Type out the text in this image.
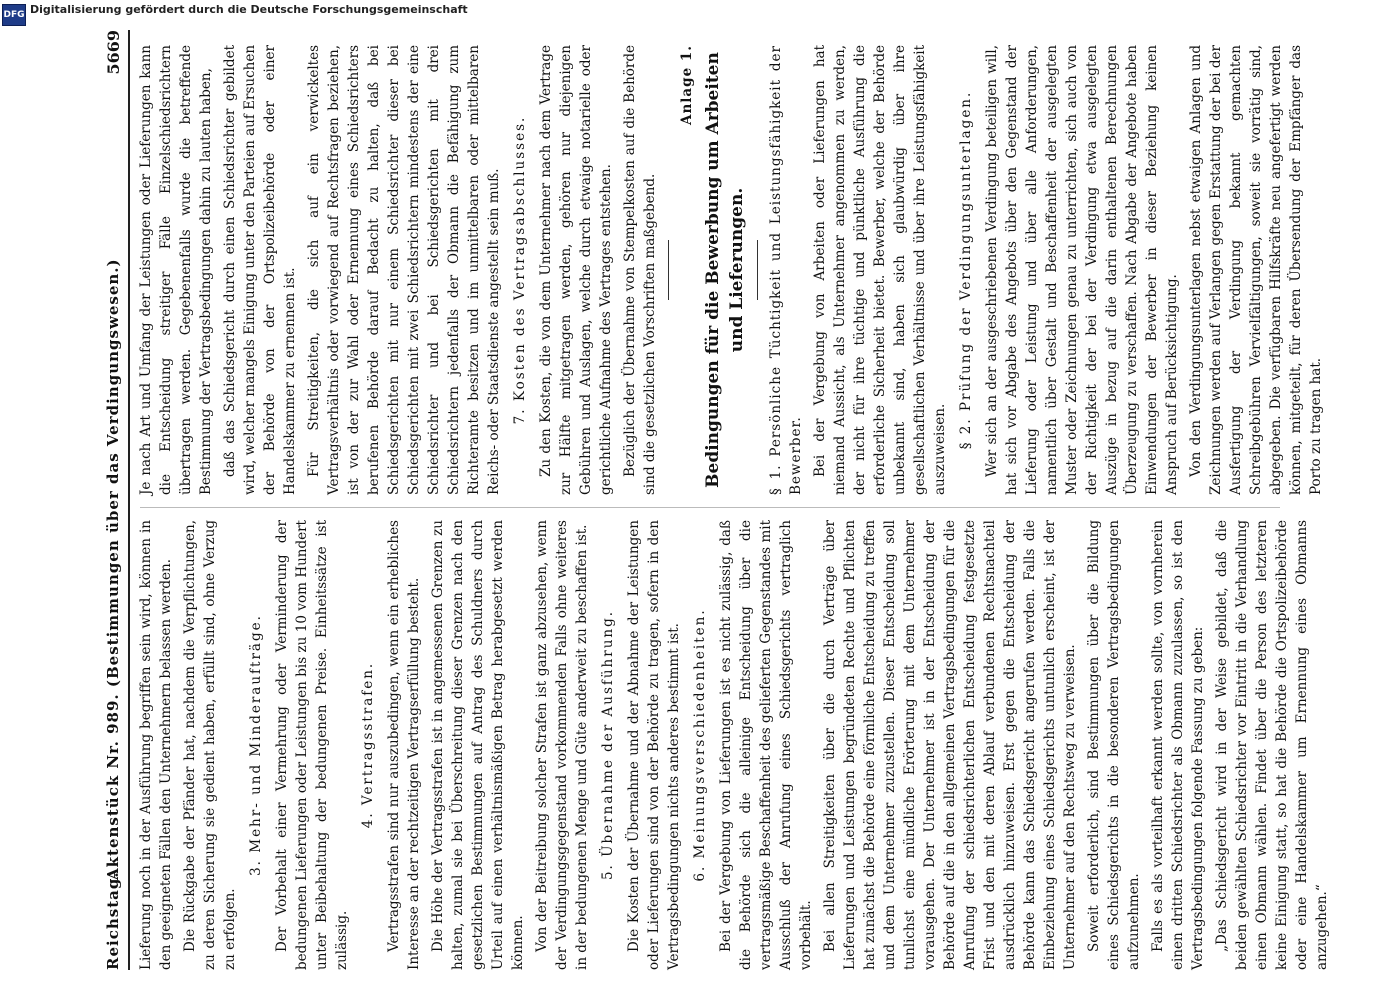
DFG Digitalisierung gefördert durch die Deutsche Forschungsgemeinschaft
Reichstag.
Aktenstück Nr. 989. (Bestimmungen über das Verdingungswesen.)
5669

Lieferung noch in der Ausführung begriffen sein wird, können in den geeigneten Fällen den Unternehmern belassen werden. Die Rückgabe der Pfänder hat, nachdem die Verpflichtungen, zu deren Sicherung sie gedient haben, erfüllt sind, ohne Verzug zu erfolgen.

3. Mehr- und Minderaufträge. Der Vorbehalt einer Vermehrung oder Verminderung der bedungenen Lieferungen oder Leistungen bis zu 10 vom Hundert unter Beibehaltung der bedungenen Preise. Einheitssätze ist zulässig.

4. Vertragsstrafen. Vertragsstrafen sind nur auszubedingen, wenn ein erhebliches Interesse an der rechtzeitigen Vertragserfüllung besteht. Die Höhe der Vertragsstrafen ist in angemessenen Grenzen zu halten, zumal sie bei Überschreitung dieser Grenzen nach den gesetzlichen Bestimmungen auf Antrag des Schuldners durch Urteil auf einen verhältnismäßigen Betrag herabgesetzt werden können. Von der Beitreibung solcher Strafen ist ganz abzusehen, wenn der Verdingungsgegenstand vorkommenden Falls ohne weiteres in der bedungenen Menge und Güte anderweit zu beschaffen ist. 5. Übernahme der Ausführung. Die Kosten der Übernahme und der Abnahme der Leistungen oder Lieferungen sind von der Behörde zu tragen, sofern in den Vertragsbedingungen nichts anderes bestimmt ist. 6. Meinungsverschiedenheiten. Bei der Vergebung von Lieferungen ist es nicht zulässig, daß die Behörde sich die alleinige Entscheidung über die vertragsmäßige Beschaffenheit des gelieferten Gegenstandes mit Ausschluß der Anrufung eines Schiedsgerichts vertraglich vorbehält. Bei allen Streitigkeiten über die durch Verträge über Lieferungen und Leistungen begründeten Rechte und Pflichten hat zunächst die Behörde eine förmliche Entscheidung zu treffen und dem Unternehmer zuzustellen. Dieser Entscheidung soll tunlichst eine mündliche Erörterung mit dem Unternehmer vorausgehen. Der Unternehmer ist in der Entscheidung der Behörde auf die in den allgemeinen Vertragsbedingungen für die Anrufung der schiedsrichterlichen Entscheidung festgesetzte Frist und den mit deren Ablauf verbundenen Rechtsnachteil ausdrücklich hinzuweisen. Erst gegen die Entscheidung der Behörde kann das Schiedsgericht angerufen werden. Falls die Einbeziehung eines Schiedsgerichts untunlich erscheint, ist der Unternehmer auf den Rechtsweg zu verweisen. Soweit erforderlich, sind Bestimmungen über die Bildung eines Schiedsgerichts in die besonderen Vertragsbedingungen aufzunehmen. Falls es als vorteilhaft erkannt werden sollte, von vornherein einen dritten Schiedsrichter als Obmann zuzulassen, so ist den Vertragsbedingungen folgende Fassung zu geben: „Das Schiedsgericht wird in der Weise gebildet, daß die beiden gewählten Schiedsrichter vor Eintritt in die Verhandlung einen Obmann wählen. Findet über die Person des letzteren keine Einigung statt, so hat die Behörde die Ortspolizeibehörde oder eine Handelskammer um Ernennung eines Obmanns anzugehen.“

Je nach Art und Umfang der Leistungen oder Lieferungen kann die Entscheidung streitiger Fälle Einzelschiedsrichtern übertragen werden. Gegebenenfalls wurde die betreffende Bestimmung der Vertragsbedingungen dahin zu lauten haben, daß das Schiedsgericht durch einen Schiedsrichter gebildet wird, welcher mangels Einigung unter den Parteien auf Ersuchen der Behörde von der Ortspolizeibehörde oder einer Handelskammer zu ernennen ist. Für Streitigkeiten, die sich auf ein verwickeltes Vertragsverhältnis oder vorwiegend auf Rechtsfragen beziehen, ist von der zur Wahl oder Ernennung eines Schiedsrichters berufenen Behörde darauf Bedacht zu halten, daß bei Schiedsgerichten mit nur einem Schiedsrichter dieser bei Schiedsgerichten mit zwei Schiedsrichtern mindestens der eine Schiedsrichter und bei Schiedsgerichten mit drei Schiedsrichtern jedenfalls der Obmann die Befähigung zum Richteramte besitzen und im unmittelbaren oder mittelbaren Reichs- oder Staatsdienste angestellt sein muß. 7. Kosten des Vertragsabschlusses. Zu den Kosten, die von dem Unternehmer nach dem Vertrage zur Hälfte mitgetragen werden, gehören nur diejenigen Gebühren und Auslagen, welche durch etwaige notarielle oder gerichtliche Aufnahme des Vertrages entstehen. Bezüglich der Übernahme von Stempelkosten auf die Behörde sind die gesetzlichen Vorschriften maßgebend.

Anlage 1. Bedingungen für die Bewerbung um Arbeiten und Lieferungen. § 1. Persönliche Tüchtigkeit und Leistungsfähigkeit der Bewerber. Bei der Vergebung von Arbeiten oder Lieferungen hat niemand Aussicht, als Unternehmer angenommen zu werden, der nicht für ihre tüchtige und pünktliche Ausführung die erforderliche Sicherheit bietet. Bewerber, welche der Behörde unbekannt sind, haben sich glaubwürdig über ihre gesellschaftlichen Verhältnisse und über ihre Leistungsfähigkeit auszuweisen.

§ 2. Prüfung der Verdingungsunterlagen. Wer sich an der ausgeschriebenen Verdingung beteiligen will, hat sich vor Abgabe des Angebots über den Gegenstand der Lieferung oder Leistung und über alle Anforderungen, namentlich über Gestalt und Beschaffenheit der ausgelegten Muster oder Zeichnungen genau zu unterrichten, sich auch von der Richtigkeit der bei der Verdingung etwa ausgelegten Auszüge in bezug auf die darin enthaltenen Berechnungen Überzeugung zu verschaffen. Nach Abgabe der Angebote haben Einwendungen der Bewerber in dieser Beziehung keinen Anspruch auf Berücksichtigung. Von den Verdingungsunterlagen nebst etwaigen Anlagen und Zeichnungen werden auf Verlangen gegen Erstattung der bei der Ausfertigung der Verdingung bekannt gemachten Schreibgebühren Vervielfältigungen, soweit sie vorrätig sind, abgegeben. Die verfügbaren Hilfskräfte neu angefertigt werden können, mitgeteilt, für deren Übersendung der Empfänger das Porto zu tragen hat.
